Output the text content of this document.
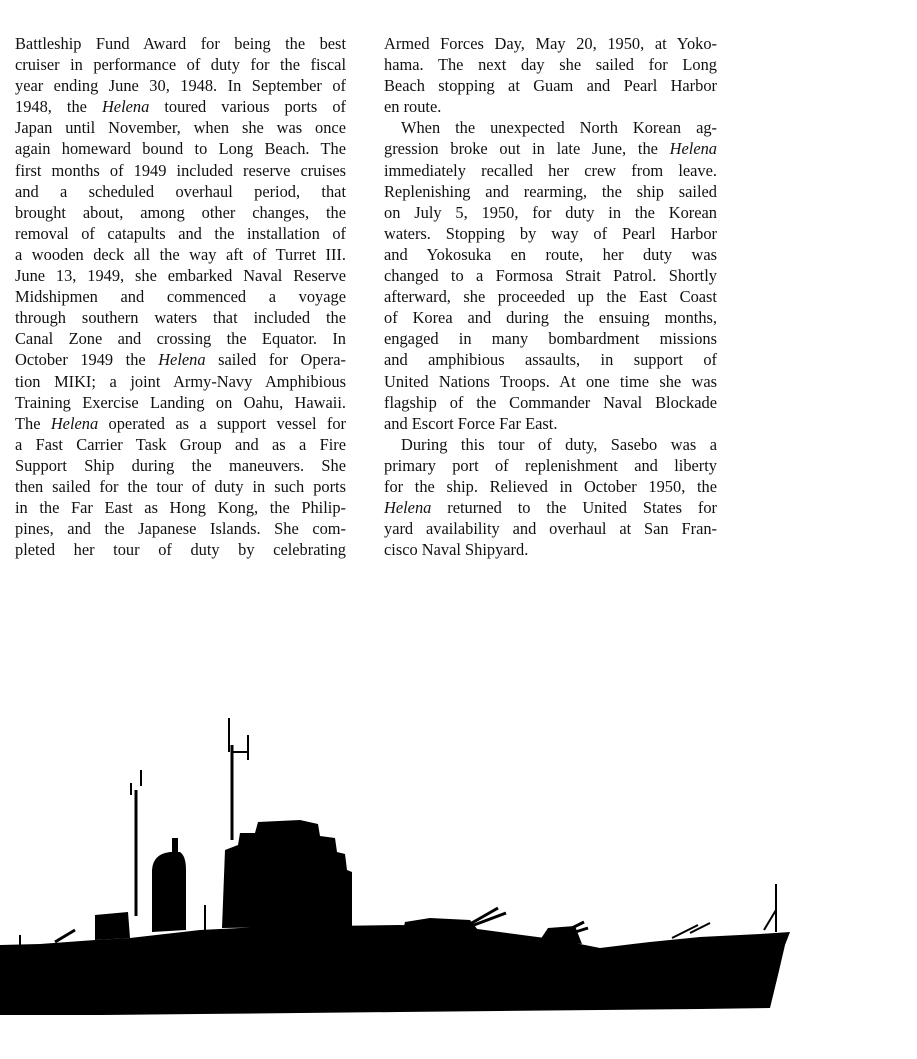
Battleship Fund Award for being the best
cruiser in performance of duty for the fiscal
year ending June 30, 1948. In September of
1948, the Helena toured various ports of
Japan until November, when she was once
again homeward bound to Long Beach. The
first months of 1949 included reserve cruises
and a scheduled overhaul period, that
brought about, among other changes, the
removal of catapults and the installation of
a wooden deck all the way aft of Turret III.
June 13, 1949, she embarked Naval Reserve
Midshipmen and commenced a voyage
through southern waters that included the
Canal Zone and crossing the Equator. In
October 1949 the Helena sailed for Opera-
tion MIKI; a joint Army-Navy Amphibious
Training Exercise Landing on Oahu, Hawaii.
The Helena operated as a support vessel for
a Fast Carrier Task Group and as a Fire
Support Ship during the maneuvers. She
then sailed for the tour of duty in such ports
in the Far East as Hong Kong, the Philip-
pines, and the Japanese Islands. She com-
pleted her tour of duty by celebrating
Armed Forces Day, May 20, 1950, at Yoko-
hama. The next day she sailed for Long
Beach stopping at Guam and Pearl Harbor
en route.
When the unexpected North Korean ag-
gression broke out in late June, the Helena
immediately recalled her crew from leave.
Replenishing and rearming, the ship sailed
on July 5, 1950, for duty in the Korean
waters. Stopping by way of Pearl Harbor
and Yokosuka en route, her duty was
changed to a Formosa Strait Patrol. Shortly
afterward, she proceeded up the East Coast
of Korea and during the ensuing months,
engaged in many bombardment missions
and amphibious assaults, in support of
United Nations Troops. At one time she was
flagship of the Commander Naval Blockade
and Escort Force Far East.
During this tour of duty, Sasebo was a
primary port of replenishment and liberty
for the ship. Relieved in October 1950, the
Helena returned to the United States for
yard availability and overhaul at San Fran-
cisco Naval Shipyard.
